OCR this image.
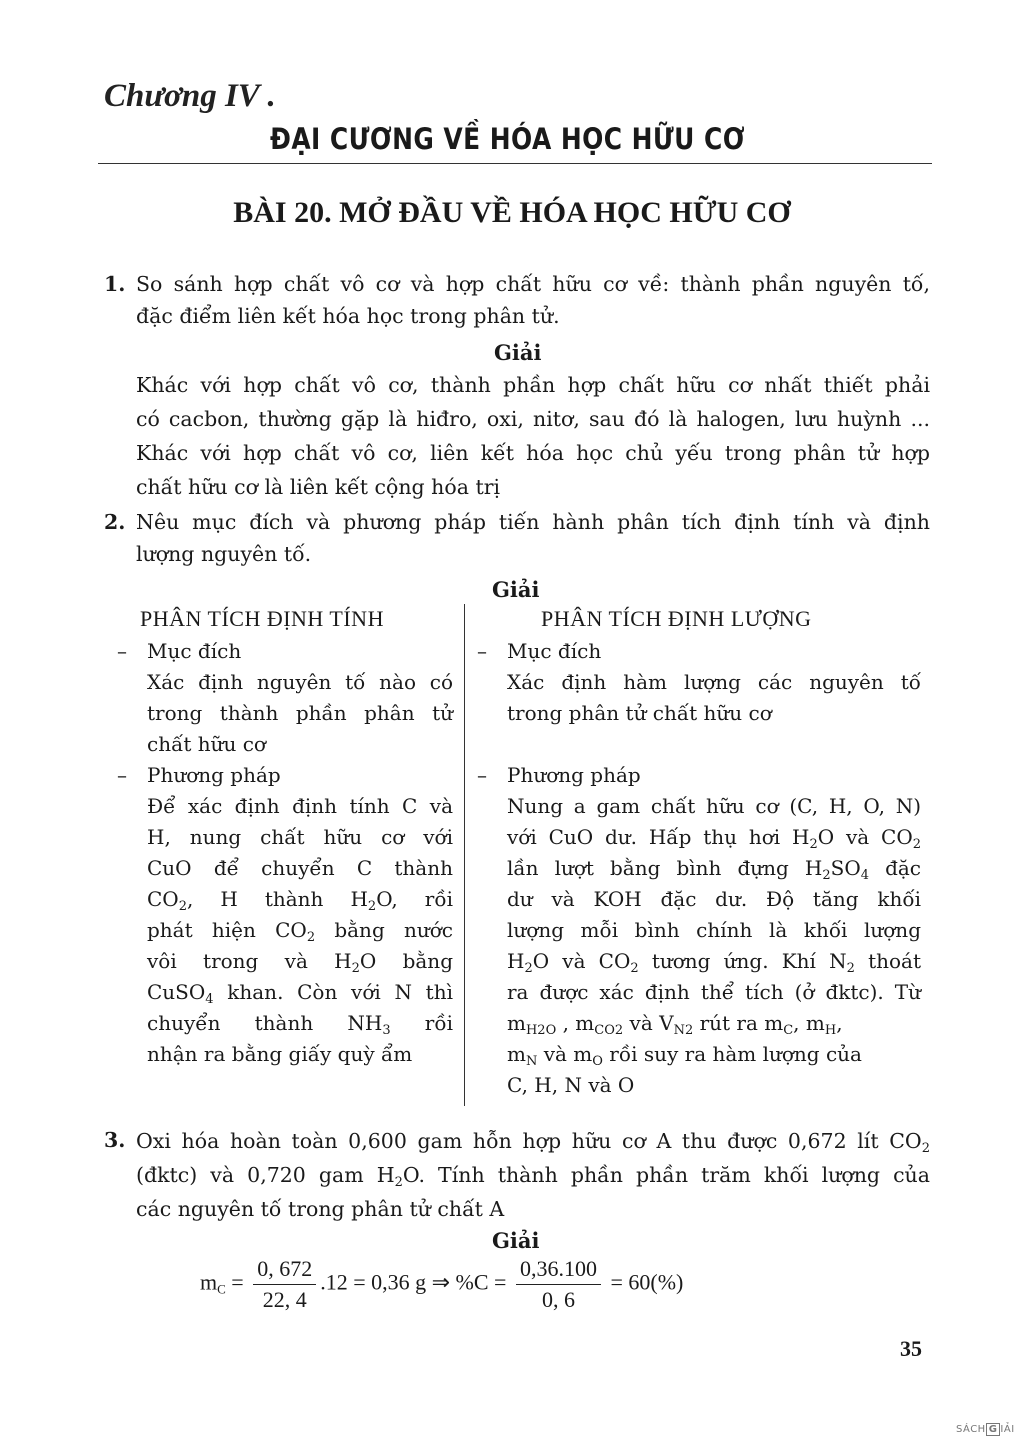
Chương IV .
ĐẠI CƯƠNG VỀ HÓA HỌC HỮU CƠ
BÀI 20. MỞ ĐẦU VỀ HÓA HỌC HỮU CƠ
1. So sánh hợp chất vô cơ và hợp chất hữu cơ về: thành phần nguyên tố,
đặc điểm liên kết hóa học trong phân tử.
Giải
Khác với hợp chất vô cơ, thành phần hợp chất hữu cơ nhất thiết phải
có cacbon, thường gặp là hiđro, oxi, nitơ, sau đó là halogen, lưu huỳnh ...
Khác với hợp chất vô cơ, liên kết hóa học chủ yếu trong phân tử hợp
chất hữu cơ là liên kết cộng hóa trị
2. Nêu mục đích và phương pháp tiến hành phân tích định tính và định
lượng nguyên tố.
Giải
PHÂN TÍCH ĐỊNH TÍNH	PHÂN TÍCH ĐỊNH LƯỢNG
– Mục đích
Xác định nguyên tố nào có
trong thành phần phân tử
chất hữu cơ
– Phương pháp
Để xác định định tính C và
H, nung chất hữu cơ với
CuO để chuyển C thành
$CO_2$, H thành $H_2O$, rồi
phát hiện $CO_2$ bằng nước
vôi trong và $H_2O$ bằng
CuSO$_4$ khan. Còn với N thì
chuyển thành $NH_3$ rồi
nhận ra bằng giấy quỳ ẩm
– Mục đích
Xác định hàm lượng các nguyên tố
trong phân tử chất hữu cơ
– Phương pháp
Nung a gam chất hữu cơ (C, H, O, N)
với CuO dư. Hấp thụ hơi $H_2O$ và $CO_2$
lần lượt bằng bình đựng $H_2SO_4$ đặc
dư và KOH đặc dư. Độ tăng khối
lượng mỗi bình chính là khối lượng
$H_2O$ và $CO_2$ tương ứng. Khí $N_2$ thoát
ra được xác định thể tích (ở đktc). Từ
$m_{H2O}$ , $m_{CO2}$ và $V_{N2}$ rút ra $m_C$, $m_H$,
$m_N$ và $m_O$ rồi suy ra hàm lượng của
C, H, N và O
3. Oxi hóa hoàn toàn 0,600 gam hỗn hợp hữu cơ A thu được 0,672 lít $CO_2$
(đktc) và 0,720 gam $H_2O$. Tính thành phần phần trăm khối lượng của
các nguyên tố trong phân tử chất A
Giải
$m_C = \frac{0, 672}{22, 4} .12 = 0,36$ g ⇒ $\%C = \frac{0,36.100}{0, 6} = 60(\%)$
35
SÁCH G IẢI
